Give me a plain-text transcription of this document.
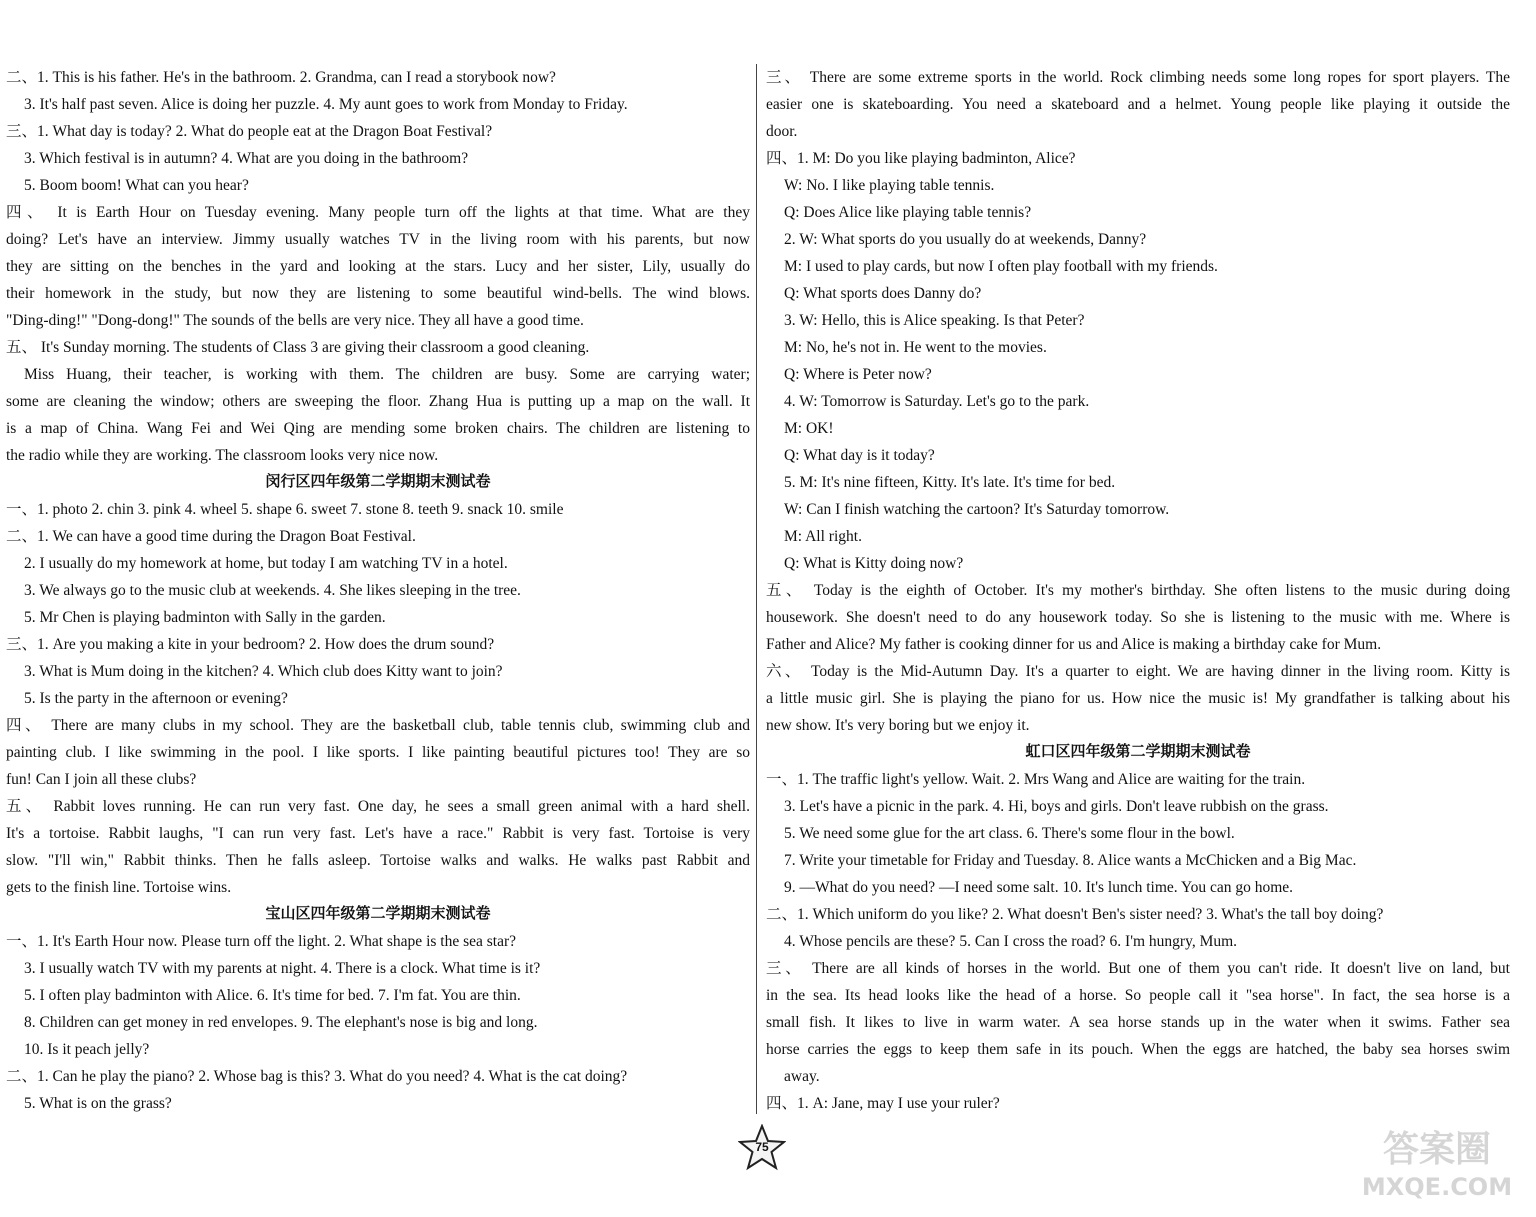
二、1. This is his father. He's in the bathroom. 2. Grandma, can I read a storybook now?
3. It's half past seven. Alice is doing her puzzle. 4. My aunt goes to work from Monday to Friday.
三、1. What day is today? 2. What do people eat at the Dragon Boat Festival?
3. Which festival is in autumn? 4. What are you doing in the bathroom?
5. Boom boom! What can you hear?
四、 It is Earth Hour on Tuesday evening. Many people turn off the lights at that time. What are they
doing? Let's have an interview. Jimmy usually watches TV in the living room with his parents, but now
they are sitting on the benches in the yard and looking at the stars. Lucy and her sister, Lily, usually do
their homework in the study, but now they are listening to some beautiful wind-bells. The wind blows.
"Ding-ding!" "Dong-dong!" The sounds of the bells are very nice. They all have a good time.
五、 It's Sunday morning. The students of Class 3 are giving their classroom a good cleaning.
Miss Huang, their teacher, is working with them. The children are busy. Some are carrying water;
some are cleaning the window; others are sweeping the floor. Zhang Hua is putting up a map on the wall. It
is a map of China. Wang Fei and Wei Qing are mending some broken chairs. The children are listening to
the radio while they are working. The classroom looks very nice now.
闵行区四年级第二学期期末测试卷
一、1. photo 2. chin 3. pink 4. wheel 5. shape 6. sweet 7. stone 8. teeth 9. snack 10. smile
二、1. We can have a good time during the Dragon Boat Festival.
2. I usually do my homework at home, but today I am watching TV in a hotel.
3. We always go to the music club at weekends. 4. She likes sleeping in the tree.
5. Mr Chen is playing badminton with Sally in the garden.
三、1. Are you making a kite in your bedroom? 2. How does the drum sound?
3. What is Mum doing in the kitchen? 4. Which club does Kitty want to join?
5. Is the party in the afternoon or evening?
四、 There are many clubs in my school. They are the basketball club, table tennis club, swimming club and
painting club. I like swimming in the pool. I like sports. I like painting beautiful pictures too! They are so
fun! Can I join all these clubs?
五、 Rabbit loves running. He can run very fast. One day, he sees a small green animal with a hard shell.
It's a tortoise. Rabbit laughs, "I can run very fast. Let's have a race." Rabbit is very fast. Tortoise is very
slow. "I'll win," Rabbit thinks. Then he falls asleep. Tortoise walks and walks. He walks past Rabbit and
gets to the finish line. Tortoise wins.
宝山区四年级第二学期期末测试卷
一、1. It's Earth Hour now. Please turn off the light. 2. What shape is the sea star?
3. I usually watch TV with my parents at night. 4. There is a clock. What time is it?
5. I often play badminton with Alice. 6. It's time for bed. 7. I'm fat. You are thin.
8. Children can get money in red envelopes. 9. The elephant's nose is big and long.
10. Is it peach jelly?
二、1. Can he play the piano? 2. Whose bag is this? 3. What do you need? 4. What is the cat doing?
5. What is on the grass?
三、 There are some extreme sports in the world. Rock climbing needs some long ropes for sport players. The
easier one is skateboarding. You need a skateboard and a helmet. Young people like playing it outside the
door.
四、1. M: Do you like playing badminton, Alice?
W: No. I like playing table tennis.
Q: Does Alice like playing table tennis?
2. W: What sports do you usually do at weekends, Danny?
M: I used to play cards, but now I often play football with my friends.
Q: What sports does Danny do?
3. W: Hello, this is Alice speaking. Is that Peter?
M: No, he's not in. He went to the movies.
Q: Where is Peter now?
4. W: Tomorrow is Saturday. Let's go to the park.
M: OK!
Q: What day is it today?
5. M: It's nine fifteen, Kitty. It's late. It's time for bed.
W: Can I finish watching the cartoon? It's Saturday tomorrow.
M: All right.
Q: What is Kitty doing now?
五、 Today is the eighth of October. It's my mother's birthday. She often listens to the music during doing
housework. She doesn't need to do any housework today. So she is listening to the music with me. Where is
Father and Alice? My father is cooking dinner for us and Alice is making a birthday cake for Mum.
六、 Today is the Mid-Autumn Day. It's a quarter to eight. We are having dinner in the living room. Kitty is
a little music girl. She is playing the piano for us. How nice the music is! My grandfather is talking about his
new show. It's very boring but we enjoy it.
虹口区四年级第二学期期末测试卷
一、1. The traffic light's yellow. Wait. 2. Mrs Wang and Alice are waiting for the train.
3. Let's have a picnic in the park. 4. Hi, boys and girls. Don't leave rubbish on the grass.
5. We need some glue for the art class. 6. There's some flour in the bowl.
7. Write your timetable for Friday and Tuesday. 8. Alice wants a McChicken and a Big Mac.
9. —What do you need? —I need some salt. 10. It's lunch time. You can go home.
二、1. Which uniform do you like? 2. What doesn't Ben's sister need? 3. What's the tall boy doing?
4. Whose pencils are these? 5. Can I cross the road? 6. I'm hungry, Mum.
三、 There are all kinds of horses in the world. But one of them you can't ride. It doesn't live on land, but
in the sea. Its head looks like the head of a horse. So people call it "sea horse". In fact, the sea horse is a
small fish. It likes to live in warm water. A sea horse stands up in the water when it swims. Father sea
horse carries the eggs to keep them safe in its pouch. When the eggs are hatched, the baby sea horses swim
away.
四、1. A: Jane, may I use your ruler?
75	答案圈
MXQE.COM
